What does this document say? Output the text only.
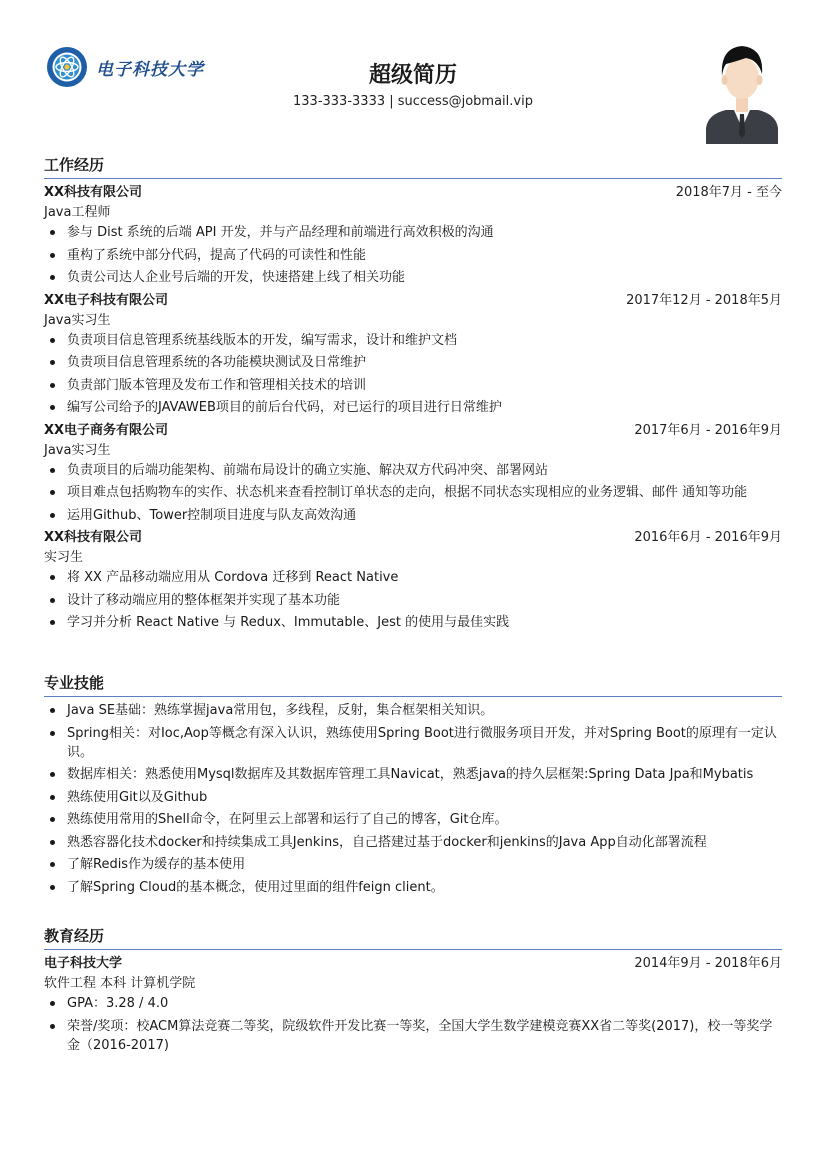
电子科技大学	超级简历
133-333-3333 | success@jobmail.vip
工作经历
XX科技有限公司	2018年7月 - 至今
Java工程师
参与 Dist 系统的后端 API 开发，并与产品经理和前端进行高效积极的沟通
重构了系统中部分代码，提高了代码的可读性和性能
负责公司达人企业号后端的开发，快速搭建上线了相关功能
XX电子科技有限公司	2017年12月 - 2018年5月
Java实习生
负责项目信息管理系统基线版本的开发，编写需求，设计和维护文档
负责项目信息管理系统的各功能模块测试及日常维护
负责部门版本管理及发布工作和管理相关技术的培训
编写公司给予的JAVAWEB项目的前后台代码，对已运行的项目进行日常维护
XX电子商务有限公司	2017年6月 - 2016年9月
Java实习生
负责项目的后端功能架构、前端布局设计的确立实施、解决双方代码冲突、部署网站
项目难点包括购物车的实作、状态机来查看控制订单状态的走向，根据不同状态实现相应的业务逻辑、邮件 通知等功能
运用Github、Tower控制项目进度与队友高效沟通
XX科技有限公司	2016年6月 - 2016年9月
实习生
将 XX 产品移动端应用从 Cordova 迁移到 React Native
设计了移动端应用的整体框架并实现了基本功能
学习并分析 React Native 与 Redux、Immutable、Jest 的使用与最佳实践
专业技能
Java SE基础：熟练掌握java常用包，多线程，反射，集合框架相关知识。
Spring相关：对Ioc,Aop等概念有深入认识，熟练使用Spring Boot进行微服务项目开发，并对Spring Boot的原理有一定认识。
数据库相关：熟悉使用Mysql数据库及其数据库管理工具Navicat，熟悉java的持久层框架:Spring Data Jpa和Mybatis
熟练使用Git以及Github
熟练使用常用的Shell命令，在阿里云上部署和运行了自己的博客，Git仓库。
熟悉容器化技术docker和持续集成工具Jenkins，自己搭建过基于docker和jenkins的Java App自动化部署流程
了解Redis作为缓存的基本使用
了解Spring Cloud的基本概念，使用过里面的组件feign client。
教育经历
电子科技大学	2014年9月 - 2018年6月
软件工程 本科 计算机学院
GPA：3.28 / 4.0
荣誉/奖项：校ACM算法竞赛二等奖，院级软件开发比赛一等奖，全国大学生数学建模竞赛XX省二等奖(2017)，校一等奖学金（2016-2017)
